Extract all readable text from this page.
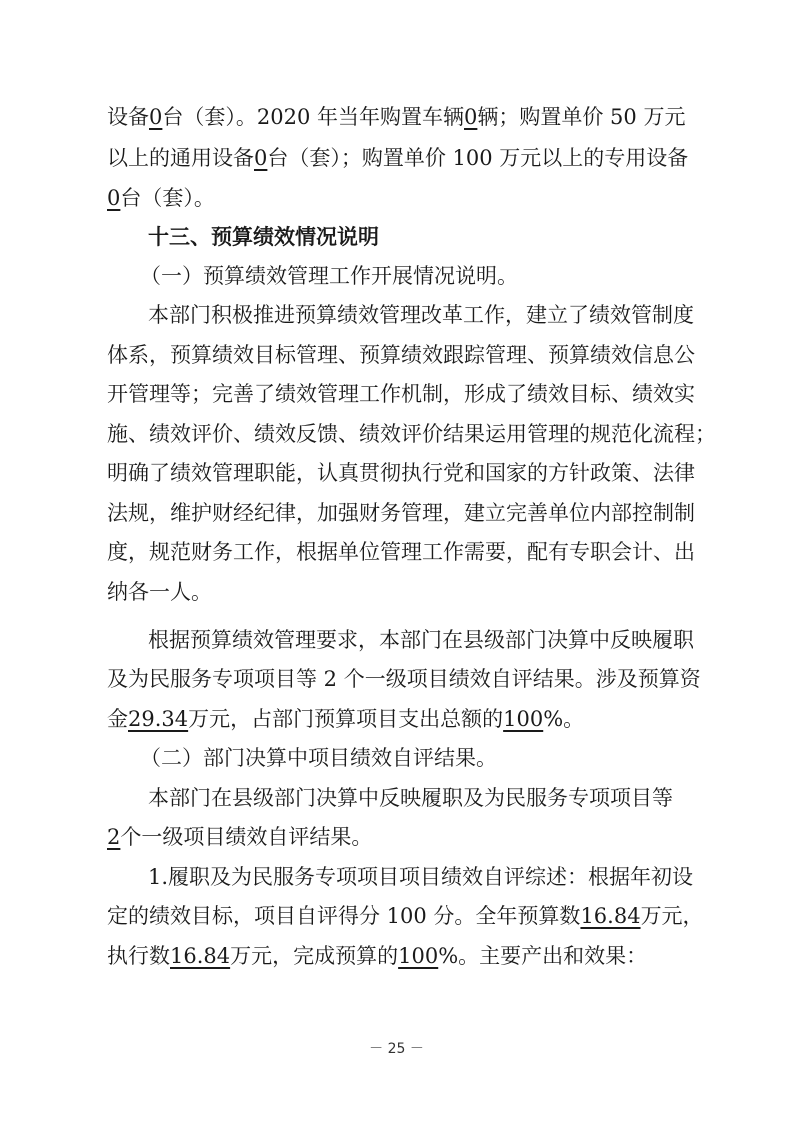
设备0台（套）。2020 年当年购置车辆0辆；购置单价 50 万元
以上的通用设备0台（套）；购置单价 100 万元以上的专用设备
0台（套）。
十三、预算绩效情况说明
（一）预算绩效管理工作开展情况说明。
本部门积极推进预算绩效管理改革工作，建立了绩效管制度
体系，预算绩效目标管理、预算绩效跟踪管理、预算绩效信息公
开管理等；完善了绩效管理工作机制，形成了绩效目标、绩效实
施、绩效评价、绩效反馈、绩效评价结果运用管理的规范化流程；
明确了绩效管理职能，认真贯彻执行党和国家的方针政策、法律
法规，维护财经纪律，加强财务管理，建立完善单位内部控制制
度，规范财务工作，根据单位管理工作需要，配有专职会计、出
纳各一人。
根据预算绩效管理要求，本部门在县级部门决算中反映履职
及为民服务专项项目等 2 个一级项目绩效自评结果。涉及预算资
金29.34万元，占部门预算项目支出总额的100%。
（二）部门决算中项目绩效自评结果。
本部门在县级部门决算中反映履职及为民服务专项项目等
2个一级项目绩效自评结果。
1.履职及为民服务专项项目项目绩效自评综述：根据年初设
定的绩效目标，项目自评得分 100 分。全年预算数16.84万元，
执行数16.84万元，完成预算的100%。主要产出和效果：
－ 25 －
